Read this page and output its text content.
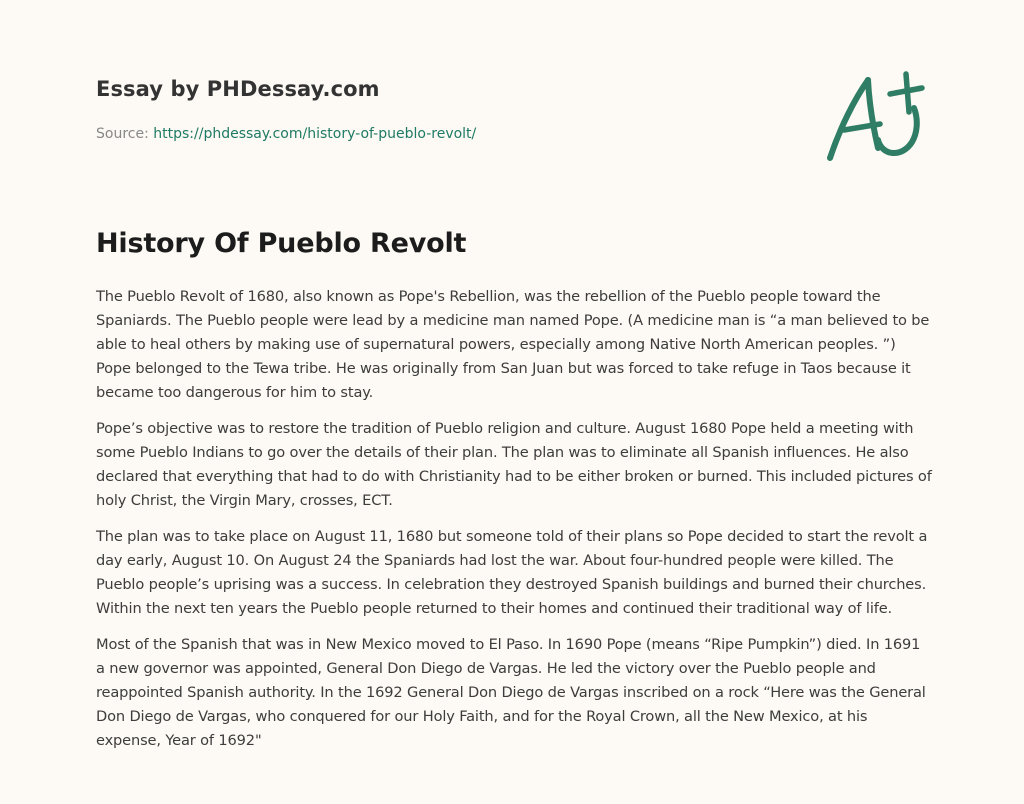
Essay by PHDessay.com
Source: https://phdessay.com/history-of-pueblo-revolt/
History Of Pueblo Revolt

The Pueblo Revolt of 1680, also known as Pope's Rebellion, was the rebellion of the Pueblo people toward the Spaniards. The Pueblo people were lead by a medicine man named Pope. (A medicine man is “a man believed to be able to heal others by making use of supernatural powers, especially among Native North American peoples. ”) Pope belonged to the Tewa tribe. He was originally from San Juan but was forced to take refuge in Taos because it became too dangerous for him to stay.

Pope’s objective was to restore the tradition of Pueblo religion and culture. August 1680 Pope held a meeting with some Pueblo Indians to go over the details of their plan. The plan was to eliminate all Spanish influences. He also declared that everything that had to do with Christianity had to be either broken or burned. This included pictures of holy Christ, the Virgin Mary, crosses, ECT.

The plan was to take place on August 11, 1680 but someone told of their plans so Pope decided to start the revolt a day early, August 10. On August 24 the Spaniards had lost the war. About four-hundred people were killed. The Pueblo people’s uprising was a success. In celebration they destroyed Spanish buildings and burned their churches. Within the next ten years the Pueblo people returned to their homes and continued their traditional way of life.

Most of the Spanish that was in New Mexico moved to El Paso. In 1690 Pope (means “Ripe Pumpkin”) died. In 1691 a new governor was appointed, General Don Diego de Vargas. He led the victory over the Pueblo people and reappointed Spanish authority. In the 1692 General Don Diego de Vargas inscribed on a rock “Here was the General Don Diego de Vargas, who conquered for our Holy Faith, and for the Royal Crown, all the New Mexico, at his expense, Year of 1692"
